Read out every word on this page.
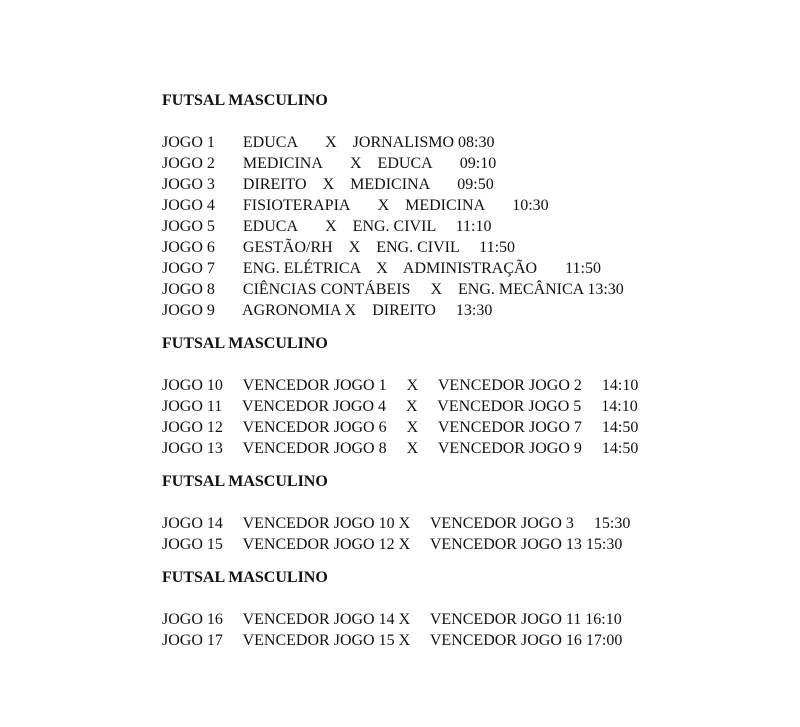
FUTSAL MASCULINO
JOGO 1       EDUCA       X    JORNALISMO 08:30
JOGO 2       MEDICINA       X    EDUCA       09:10
JOGO 3       DIREITO    X    MEDICINA       09:50
JOGO 4       FISIOTERAPIA       X    MEDICINA       10:30
JOGO 5       EDUCA       X    ENG. CIVIL     11:10
JOGO 6       GESTÃO/RH    X    ENG. CIVIL     11:50
JOGO 7       ENG. ELÉTRICA    X    ADMINISTRAÇÃO       11:50
JOGO 8       CIÊNCIAS CONTÁBEIS     X    ENG. MECÂNICA 13:30
JOGO 9       AGRONOMIA X    DIREITO     13:30
FUTSAL MASCULINO
JOGO 10     VENCEDOR JOGO 1     X     VENCEDOR JOGO 2     14:10
JOGO 11     VENCEDOR JOGO 4     X     VENCEDOR JOGO 5     14:10
JOGO 12     VENCEDOR JOGO 6     X     VENCEDOR JOGO 7     14:50
JOGO 13     VENCEDOR JOGO 8     X     VENCEDOR JOGO 9     14:50
FUTSAL MASCULINO
JOGO 14     VENCEDOR JOGO 10 X     VENCEDOR JOGO 3     15:30
JOGO 15     VENCEDOR JOGO 12 X     VENCEDOR JOGO 13 15:30
FUTSAL MASCULINO
JOGO 16     VENCEDOR JOGO 14 X     VENCEDOR JOGO 11 16:10
JOGO 17     VENCEDOR JOGO 15 X     VENCEDOR JOGO 16 17:00
